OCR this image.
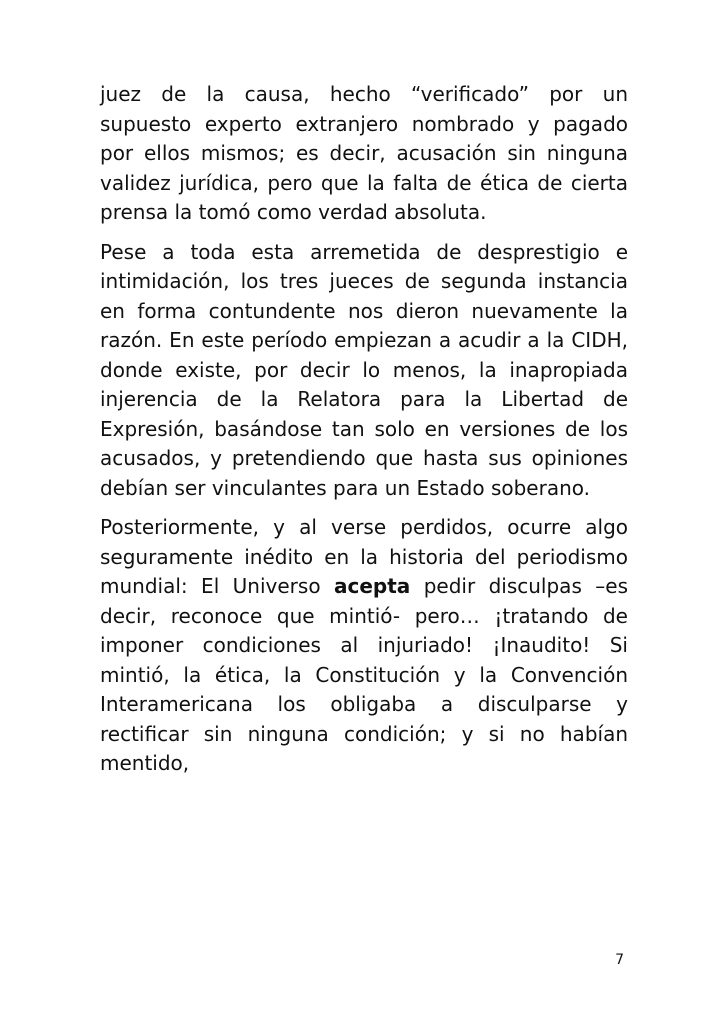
juez de la causa, hecho “verificado” por un supuesto experto extranjero nombrado y pagado por ellos mismos; es decir, acusación sin ninguna validez jurídica, pero que la falta de ética de cierta prensa la tomó como verdad absoluta.

Pese a toda esta arremetida de desprestigio e intimidación, los tres jueces de segunda instancia en forma contundente nos dieron nuevamente la razón. En este período empiezan a acudir a la CIDH, donde existe, por decir lo menos, la inapropiada injerencia de la Relatora para la Libertad de Expresión, basándose tan solo en versiones de los acusados, y pretendiendo que hasta sus opiniones debían ser vinculantes para un Estado soberano.

Posteriormente, y al verse perdidos, ocurre algo seguramente inédito en la historia del periodismo mundial: El Universo acepta pedir disculpas –es decir, reconoce que mintió- pero… ¡tratando de imponer condiciones al injuriado! ¡Inaudito! Si mintió, la ética, la Constitución y la Convención Interamericana los obligaba a disculparse y rectificar sin ninguna condición; y si no habían mentido,

7
